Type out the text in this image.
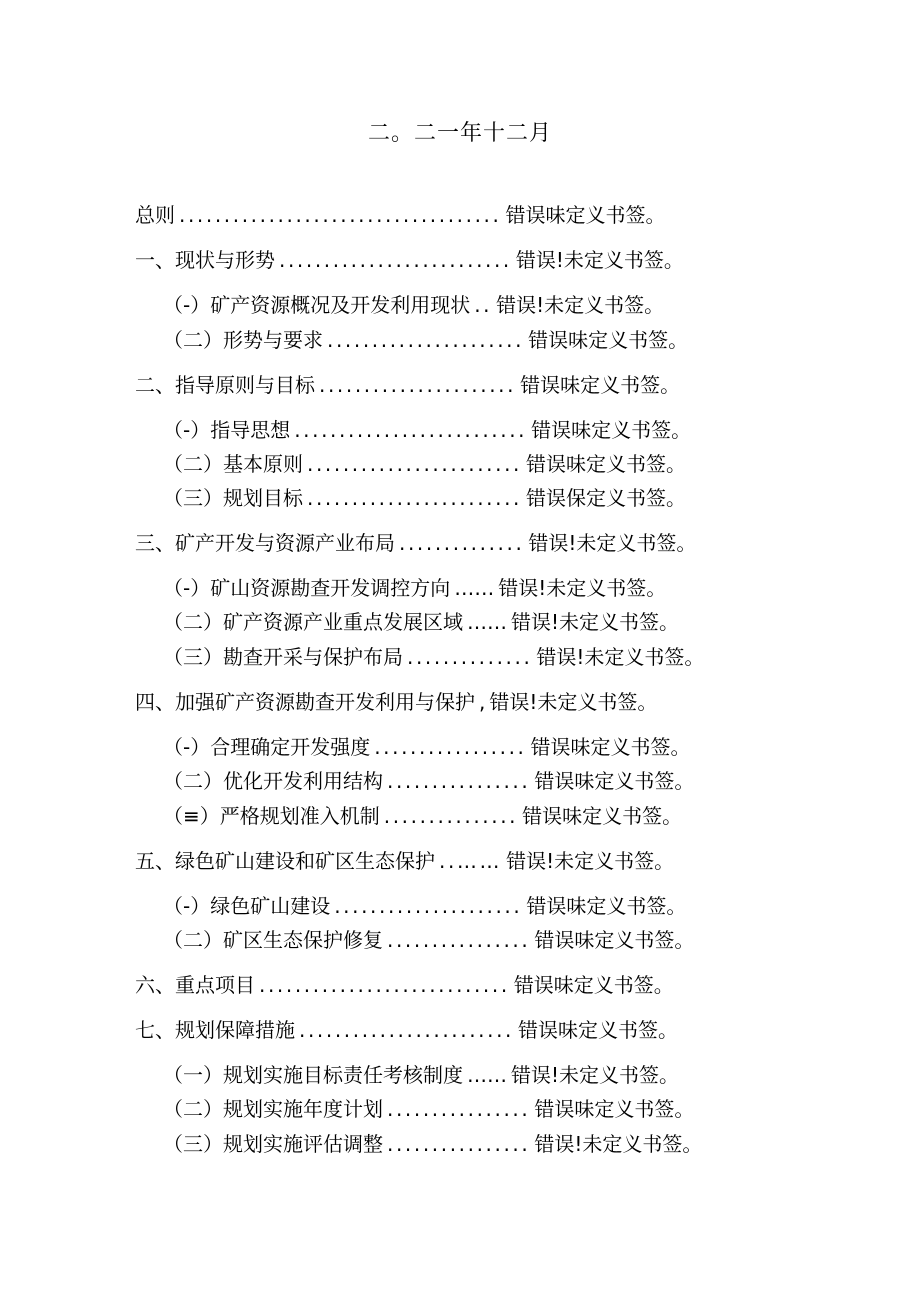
二。二一年十二月
总则 .................................... 错误味定义书签。
一、现状与形势 .......................... 错误!未定义书签。
（-）矿产资源概况及开发利用现状 .. 错误!未定义书签。
（二）形势与要求 ...................... 错误味定义书签。
二、指导原则与目标 ...................... 错误味定义书签。
（-）指导思想 .......................... 错误味定义书签。
（二）基本原则 ........................ 错误味定义书签。
（三）规划目标 ........................ 错误保定义书签。
三、矿产开发与资源产业布局 .............. 错误!未定义书签。
（-）矿山资源勘查开发调控方向 …… 错误!未定义书签。
（二）矿产资源产业重点发展区域 …… 错误!未定义书签。
（三）勘查开采与保护布局 .............. 错误!未定义书签。
四、加强矿产资源勘查开发利用与保护 , 错误!未定义书签。
（-）合理确定开发强度 ................. 错误味定义书签。
（二）优化开发利用结构 ................ 错误味定义书签。
（≡）严格规划准入机制 ............... 错误味定义书签。
五、绿色矿山建设和矿区生态保护 ..…… 错误!未定义书签。
（-）绿色矿山建设 ..................... 错误味定义书签。
（二）矿区生态保护修复 ................ 错误味定义书签。
六、重点项目 ............................ 错误味定义书签。
七、规划保障措施 ........................ 错误味定义书签。
（一）规划实施目标责任考核制度 …… 错误!未定义书签。
（二）规划实施年度计划 ................ 错误味定义书签。
（三）规划实施评估调整 ................ 错误!未定义书签。
